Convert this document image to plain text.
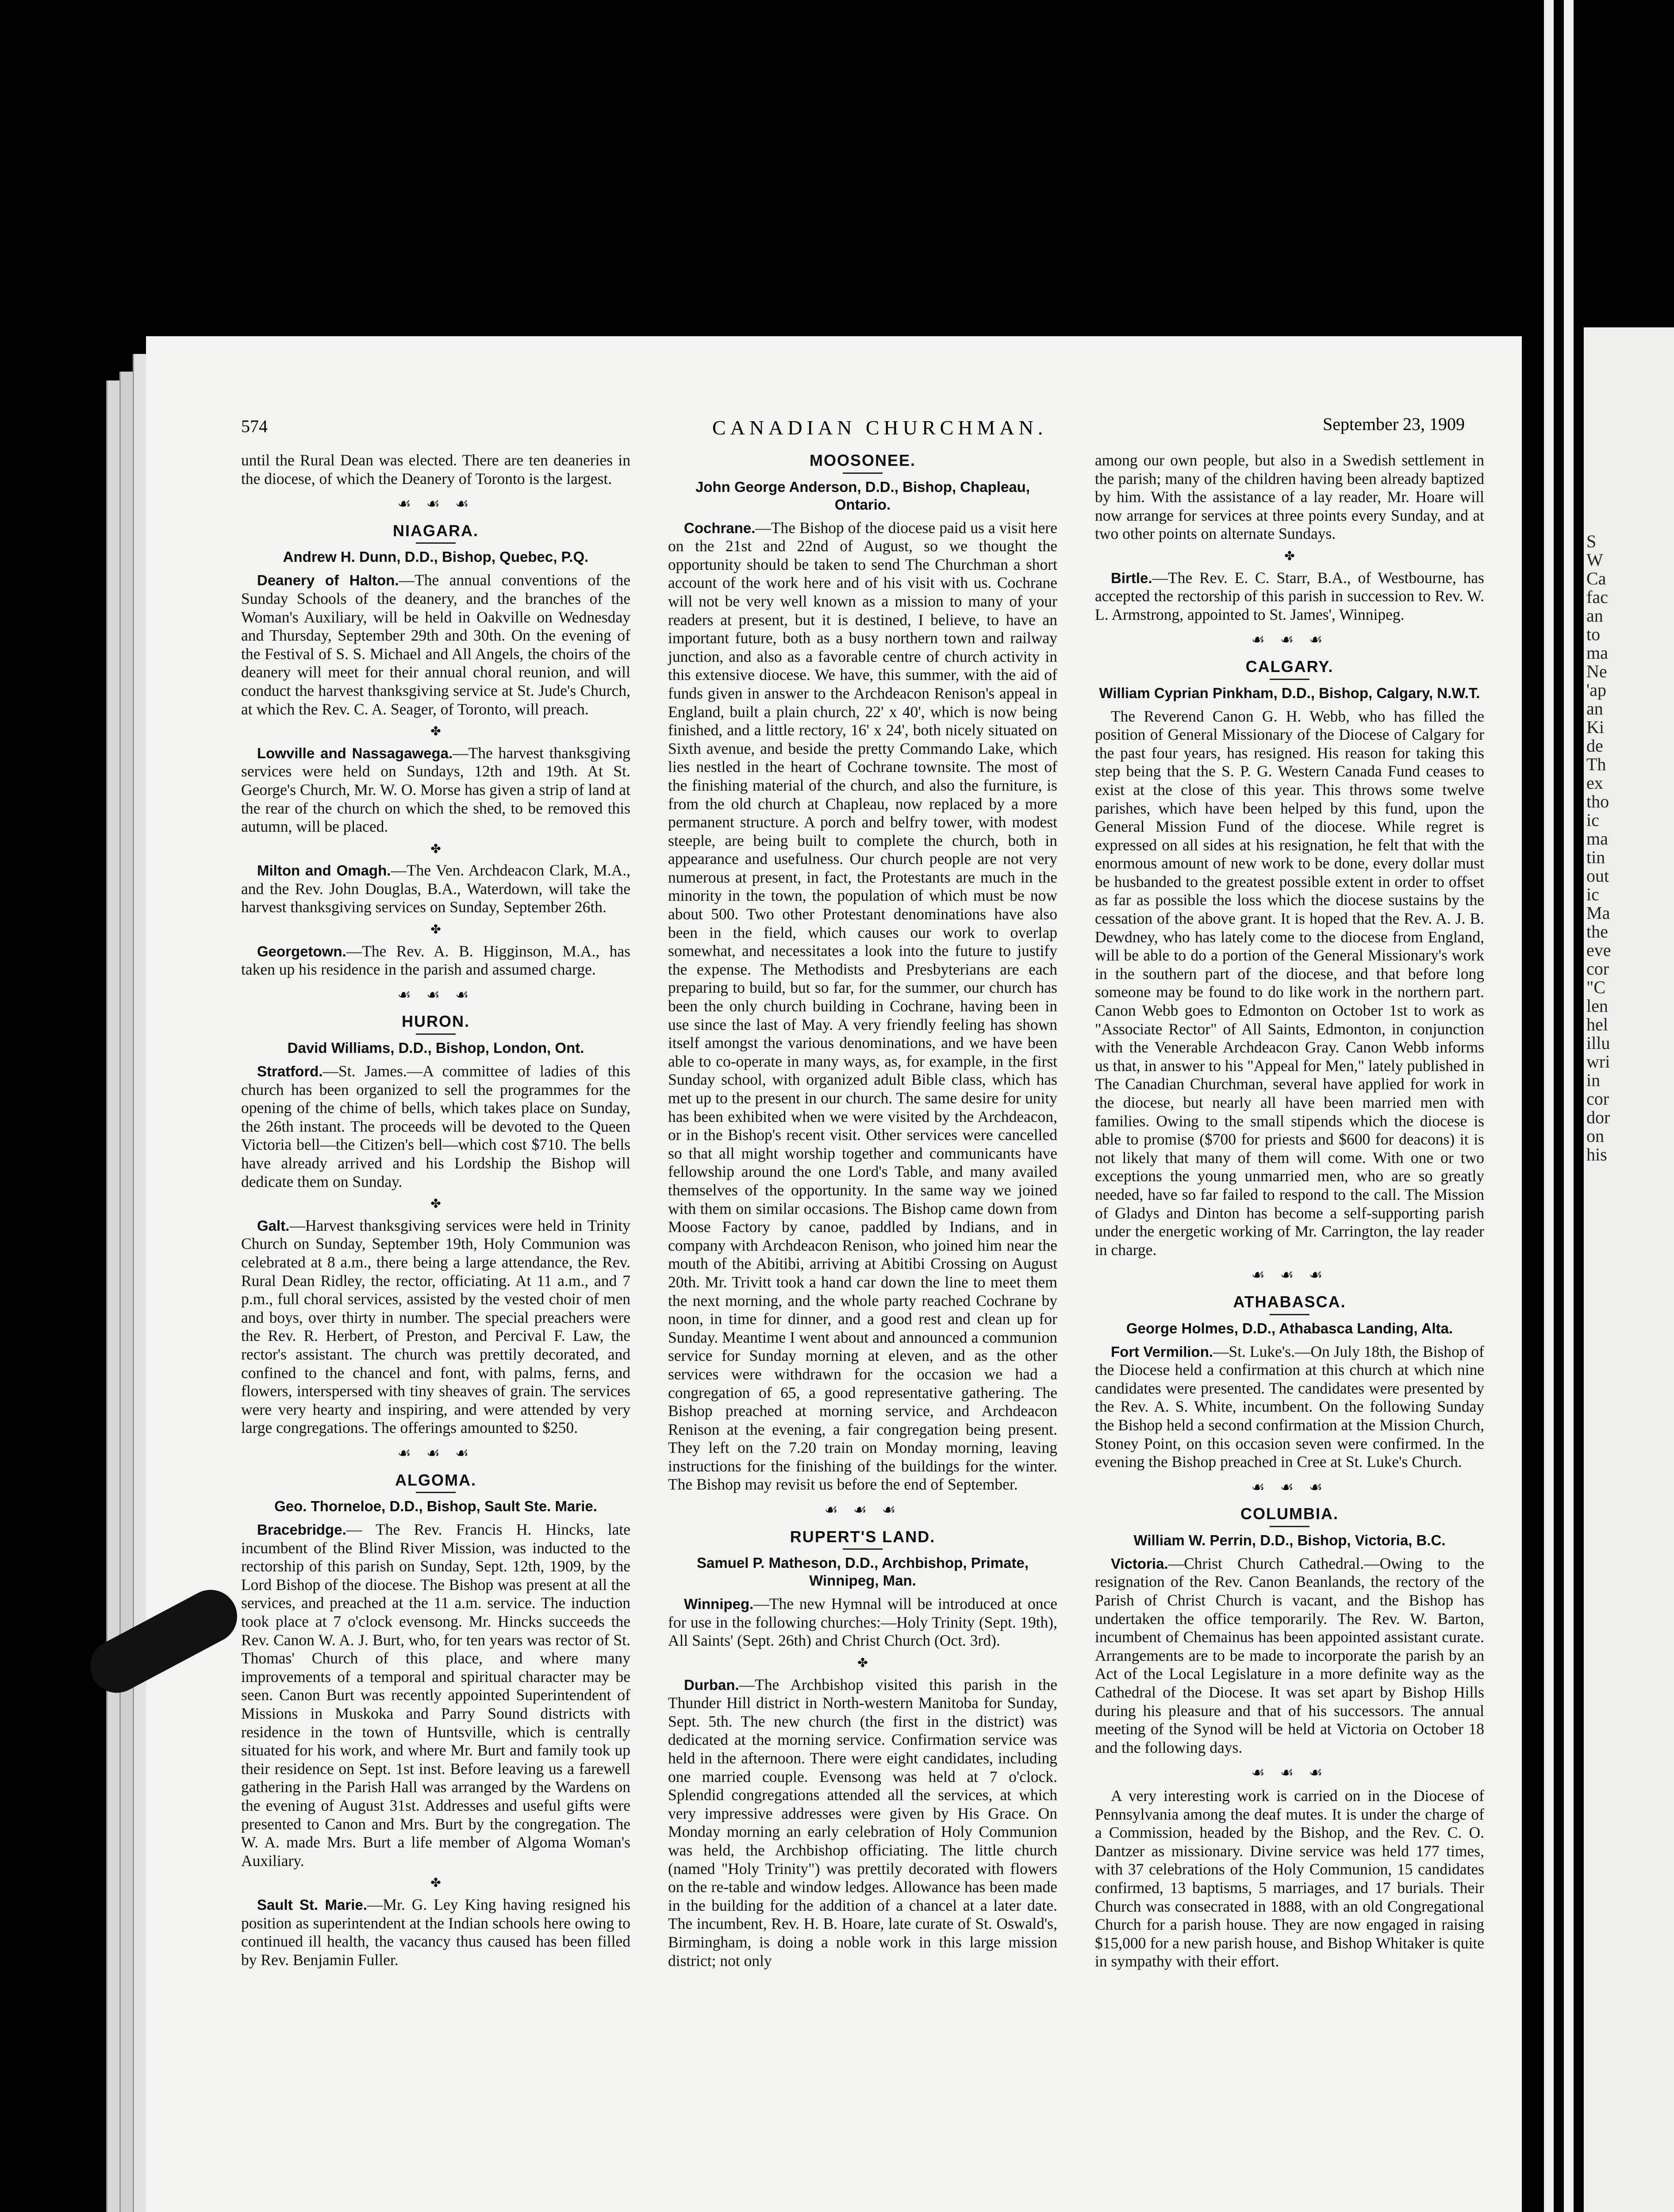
S
W
Ca
fac
an
to
ma
Ne
'ap
an
Ki
de
Th
ex
tho
ic
ma
tin
out
ic
Ma
the
eve
cor
"C
len
hel
illu
wri
in
cor
dor
on
his
574	CANADIAN CHURCHMAN.	September 23, 1909

until the Rural Dean was elected. There are ten deaneries in the diocese, of which the Deanery of Toronto is the largest.

☙ ☙ ☙
NIAGARA.
Andrew H. Dunn, D.D., Bishop, Quebec, P.Q.

Deanery of Halton.—The annual conventions of the Sunday Schools of the deanery, and the branches of the Woman's Auxiliary, will be held in Oakville on Wednesday and Thursday, September 29th and 30th. On the evening of the Festival of S. S. Michael and All Angels, the choirs of the deanery will meet for their annual choral reunion, and will conduct the harvest thanksgiving service at St. Jude's Church, at which the Rev. C. A. Seager, of Toronto, will preach.

✤

Lowville and Nassagawega.—The harvest thanksgiving services were held on Sundays, 12th and 19th. At St. George's Church, Mr. W. O. Morse has given a strip of land at the rear of the church on which the shed, to be removed this autumn, will be placed.

✤

Milton and Omagh.—The Ven. Archdeacon Clark, M.A., and the Rev. John Douglas, B.A., Waterdown, will take the harvest thanksgiving services on Sunday, September 26th.

✤

Georgetown.—The Rev. A. B. Higginson, M.A., has taken up his residence in the parish and assumed charge.

☙ ☙ ☙
HURON.
David Williams, D.D., Bishop, London, Ont.

Stratford.—St. James.—A committee of ladies of this church has been organized to sell the programmes for the opening of the chime of bells, which takes place on Sunday, the 26th instant. The proceeds will be devoted to the Queen Victoria bell—the Citizen's bell—which cost $710. The bells have already arrived and his Lordship the Bishop will dedicate them on Sunday.

✤

Galt.—Harvest thanksgiving services were held in Trinity Church on Sunday, September 19th, Holy Communion was celebrated at 8 a.m., there being a large attendance, the Rev. Rural Dean Ridley, the rector, officiating. At 11 a.m., and 7 p.m., full choral services, assisted by the vested choir of men and boys, over thirty in number. The special preachers were the Rev. R. Herbert, of Preston, and Percival F. Law, the rector's assistant. The church was prettily decorated, and confined to the chancel and font, with palms, ferns, and flowers, interspersed with tiny sheaves of grain. The services were very hearty and inspiring, and were attended by very large congregations. The offerings amounted to $250.

☙ ☙ ☙
ALGOMA.
Geo. Thorneloe, D.D., Bishop, Sault Ste. Marie.

Bracebridge.— The Rev. Francis H. Hincks, late incumbent of the Blind River Mission, was inducted to the rectorship of this parish on Sunday, Sept. 12th, 1909, by the Lord Bishop of the diocese. The Bishop was present at all the services, and preached at the 11 a.m. service. The induction took place at 7 o'clock evensong. Mr. Hincks succeeds the Rev. Canon W. A. J. Burt, who, for ten years was rector of St. Thomas' Church of this place, and where many improvements of a temporal and spiritual character may be seen. Canon Burt was recently appointed Superintendent of Missions in Muskoka and Parry Sound districts with residence in the town of Huntsville, which is centrally situated for his work, and where Mr. Burt and family took up their residence on Sept. 1st inst. Before leaving us a farewell gathering in the Parish Hall was arranged by the Wardens on the evening of August 31st. Addresses and useful gifts were presented to Canon and Mrs. Burt by the congregation. The W. A. made Mrs. Burt a life member of Algoma Woman's Auxiliary.

✤

Sault St. Marie.—Mr. G. Ley King having resigned his position as superintendent at the Indian schools here owing to continued ill health, the vacancy thus caused has been filled by Rev. Benjamin Fuller.

MOOSONEE.
John George Anderson, D.D., Bishop, Chapleau, Ontario.

Cochrane.—The Bishop of the diocese paid us a visit here on the 21st and 22nd of August, so we thought the opportunity should be taken to send The Churchman a short account of the work here and of his visit with us. Cochrane will not be very well known as a mission to many of your readers at present, but it is destined, I believe, to have an important future, both as a busy northern town and railway junction, and also as a favorable centre of church activity in this extensive diocese. We have, this summer, with the aid of funds given in answer to the Archdeacon Renison's appeal in England, built a plain church, 22' x 40', which is now being finished, and a little rectory, 16' x 24', both nicely situated on Sixth avenue, and beside the pretty Commando Lake, which lies nestled in the heart of Cochrane townsite. The most of the finishing material of the church, and also the furniture, is from the old church at Chapleau, now replaced by a more permanent structure. A porch and belfry tower, with modest steeple, are being built to complete the church, both in appearance and usefulness. Our church people are not very numerous at present, in fact, the Protestants are much in the minority in the town, the population of which must be now about 500. Two other Protestant denominations have also been in the field, which causes our work to overlap somewhat, and necessitates a look into the future to justify the expense. The Methodists and Presbyterians are each preparing to build, but so far, for the summer, our church has been the only church building in Cochrane, having been in use since the last of May. A very friendly feeling has shown itself amongst the various denominations, and we have been able to co-operate in many ways, as, for example, in the first Sunday school, with organized adult Bible class, which has met up to the present in our church. The same desire for unity has been exhibited when we were visited by the Archdeacon, or in the Bishop's recent visit. Other services were cancelled so that all might worship together and communicants have fellowship around the one Lord's Table, and many availed themselves of the opportunity. In the same way we joined with them on similar occasions. The Bishop came down from Moose Factory by canoe, paddled by Indians, and in company with Archdeacon Renison, who joined him near the mouth of the Abitibi, arriving at Abitibi Crossing on August 20th. Mr. Trivitt took a hand car down the line to meet them the next morning, and the whole party reached Cochrane by noon, in time for dinner, and a good rest and clean up for Sunday. Meantime I went about and announced a communion service for Sunday morning at eleven, and as the other services were withdrawn for the occasion we had a congregation of 65, a good representative gathering. The Bishop preached at morning service, and Archdeacon Renison at the evening, a fair congregation being present. They left on the 7.20 train on Monday morning, leaving instructions for the finishing of the buildings for the winter. The Bishop may revisit us before the end of September.

☙ ☙ ☙
RUPERT'S LAND.
Samuel P. Matheson, D.D., Archbishop, Primate, Winnipeg, Man.

Winnipeg.—The new Hymnal will be introduced at once for use in the following churches:—Holy Trinity (Sept. 19th), All Saints' (Sept. 26th) and Christ Church (Oct. 3rd).

✤

Durban.—The Archbishop visited this parish in the Thunder Hill district in North-western Manitoba for Sunday, Sept. 5th. The new church (the first in the district) was dedicated at the morning service. Confirmation service was held in the afternoon. There were eight candidates, including one married couple. Evensong was held at 7 o'clock. Splendid congregations attended all the services, at which very impressive addresses were given by His Grace. On Monday morning an early celebration of Holy Communion was held, the Archbishop officiating. The little church (named "Holy Trinity") was prettily decorated with flowers on the re-table and window ledges. Allowance has been made in the building for the addition of a chancel at a later date. The incumbent, Rev. H. B. Hoare, late curate of St. Oswald's, Birmingham, is doing a noble work in this large mission district; not only

among our own people, but also in a Swedish settlement in the parish; many of the children having been already baptized by him. With the assistance of a lay reader, Mr. Hoare will now arrange for services at three points every Sunday, and at two other points on alternate Sundays.

✤

Birtle.—The Rev. E. C. Starr, B.A., of Westbourne, has accepted the rectorship of this parish in succession to Rev. W. L. Armstrong, appointed to St. James', Winnipeg.

☙ ☙ ☙
CALGARY.
William Cyprian Pinkham, D.D., Bishop, Calgary, N.W.T.

The Reverend Canon G. H. Webb, who has filled the position of General Missionary of the Diocese of Calgary for the past four years, has resigned. His reason for taking this step being that the S. P. G. Western Canada Fund ceases to exist at the close of this year. This throws some twelve parishes, which have been helped by this fund, upon the General Mission Fund of the diocese. While regret is expressed on all sides at his resignation, he felt that with the enormous amount of new work to be done, every dollar must be husbanded to the greatest possible extent in order to offset as far as possible the loss which the diocese sustains by the cessation of the above grant. It is hoped that the Rev. A. J. B. Dewdney, who has lately come to the diocese from England, will be able to do a portion of the General Missionary's work in the southern part of the diocese, and that before long someone may be found to do like work in the northern part. Canon Webb goes to Edmonton on October 1st to work as "Associate Rector" of All Saints, Edmonton, in conjunction with the Venerable Archdeacon Gray. Canon Webb informs us that, in answer to his "Appeal for Men," lately published in The Canadian Churchman, several have applied for work in the diocese, but nearly all have been married men with families. Owing to the small stipends which the diocese is able to promise ($700 for priests and $600 for deacons) it is not likely that many of them will come. With one or two exceptions the young unmarried men, who are so greatly needed, have so far failed to respond to the call. The Mission of Gladys and Dinton has become a self-supporting parish under the energetic working of Mr. Carrington, the lay reader in charge.

☙ ☙ ☙
ATHABASCA.
George Holmes, D.D., Athabasca Landing, Alta.

Fort Vermilion.—St. Luke's.—On July 18th, the Bishop of the Diocese held a confirmation at this church at which nine candidates were presented. The candidates were presented by the Rev. A. S. White, incumbent. On the following Sunday the Bishop held a second confirmation at the Mission Church, Stoney Point, on this occasion seven were confirmed. In the evening the Bishop preached in Cree at St. Luke's Church.

☙ ☙ ☙
COLUMBIA.
William W. Perrin, D.D., Bishop, Victoria, B.C.

Victoria.—Christ Church Cathedral.—Owing to the resignation of the Rev. Canon Beanlands, the rectory of the Parish of Christ Church is vacant, and the Bishop has undertaken the office temporarily. The Rev. W. Barton, incumbent of Chemainus has been appointed assistant curate. Arrangements are to be made to incorporate the parish by an Act of the Local Legislature in a more definite way as the Cathedral of the Diocese. It was set apart by Bishop Hills during his pleasure and that of his successors. The annual meeting of the Synod will be held at Victoria on October 18 and the following days.

☙ ☙ ☙

A very interesting work is carried on in the Diocese of Pennsylvania among the deaf mutes. It is under the charge of a Commission, headed by the Bishop, and the Rev. C. O. Dantzer as missionary. Divine service was held 177 times, with 37 celebrations of the Holy Communion, 15 candidates confirmed, 13 baptisms, 5 marriages, and 17 burials. Their Church was consecrated in 1888, with an old Congregational Church for a parish house. They are now engaged in raising $15,000 for a new parish house, and Bishop Whitaker is quite in sympathy with their effort.
